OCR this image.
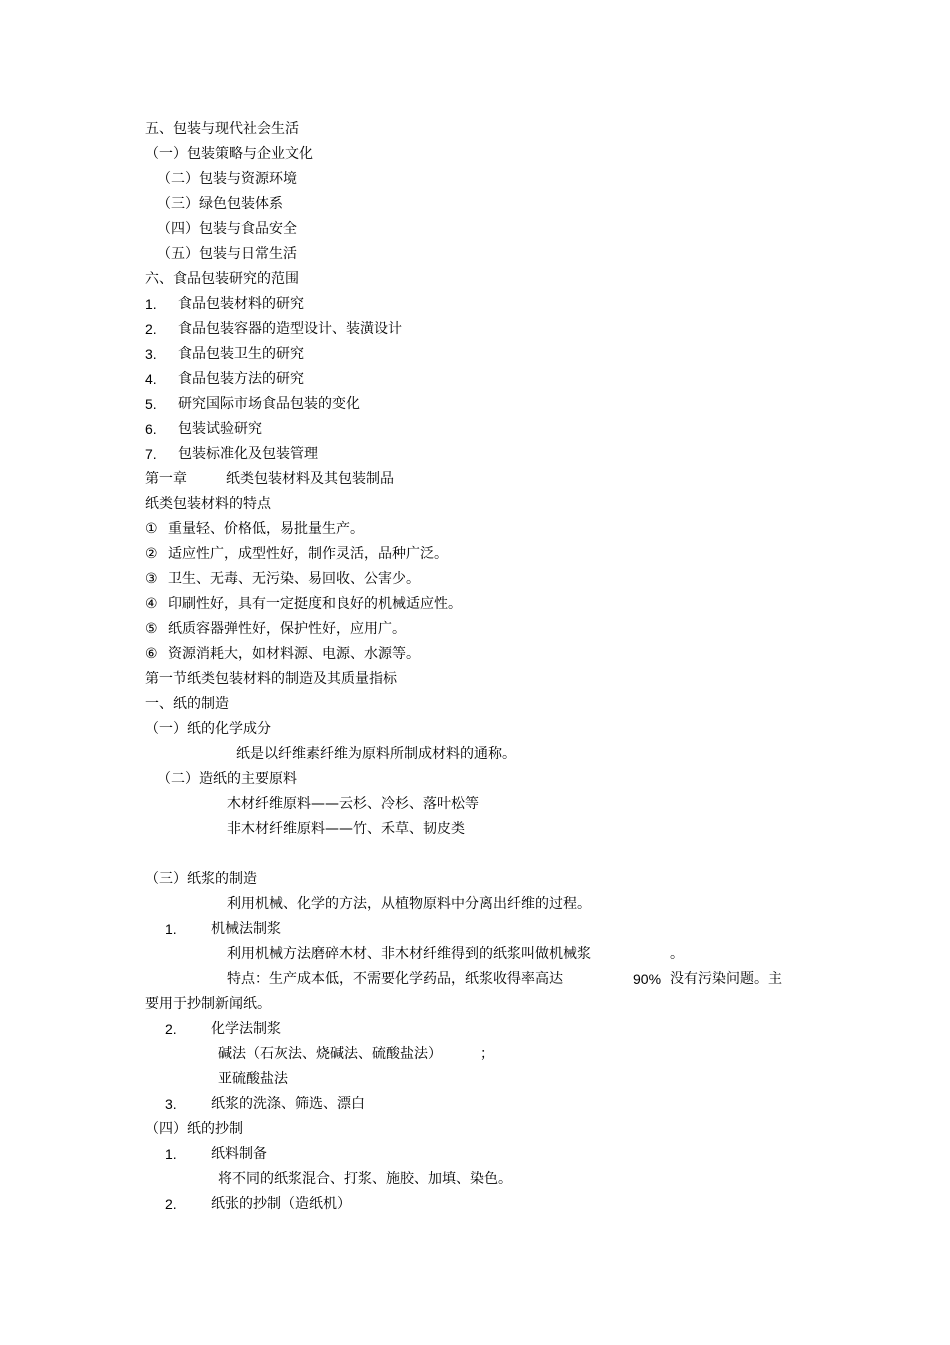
五、包装与现代社会生活
（一）包装策略与企业文化
（二）包装与资源环境
（三）绿色包装体系
（四）包装与食品安全
（五）包装与日常生活
六、食品包装研究的范围
1. 食品包装材料的研究
2. 食品包装容器的造型设计、装潢设计
3. 食品包装卫生的研究
4. 食品包装方法的研究
5. 研究国际市场食品包装的变化
6. 包装试验研究
7. 包装标准化及包装管理
第一章	纸类包装材料及其包装制品
纸类包装材料的特点
① 重量轻、价格低，易批量生产。
② 适应性广，成型性好，制作灵活，品种广泛。
③ 卫生、无毒、无污染、易回收、公害少。
④ 印刷性好，具有一定挺度和良好的机械适应性。
⑤ 纸质容器弹性好，保护性好，应用广。
⑥ 资源消耗大，如材料源、电源、水源等。
第一节纸类包装材料的制造及其质量指标
一、纸的制造
（一）纸的化学成分
纸是以纤维素纤维为原料所制成材料的通称。
（二）造纸的主要原料
木材纤维原料——云杉、冷杉、落叶松等
非木材纤维原料——竹、禾草、韧皮类
（三）纸浆的制造
利用机械、化学的方法，从植物原料中分离出纤维的过程。
1. 机械法制浆
利用机械方法磨碎木材、非木材纤维得到的纸浆叫做机械浆	。
特点：生产成本低，不需要化学药品，纸浆收得率高达	90% 没有污染问题。主
要用于抄制新闻纸。
2. 化学法制浆
碱法（石灰法、烧碱法、硫酸盐法）	；
亚硫酸盐法
3. 纸浆的洗涤、筛选、漂白
（四）纸的抄制
1. 纸料制备
将不同的纸浆混合、打浆、施胶、加填、染色。
2. 纸张的抄制（造纸机）
